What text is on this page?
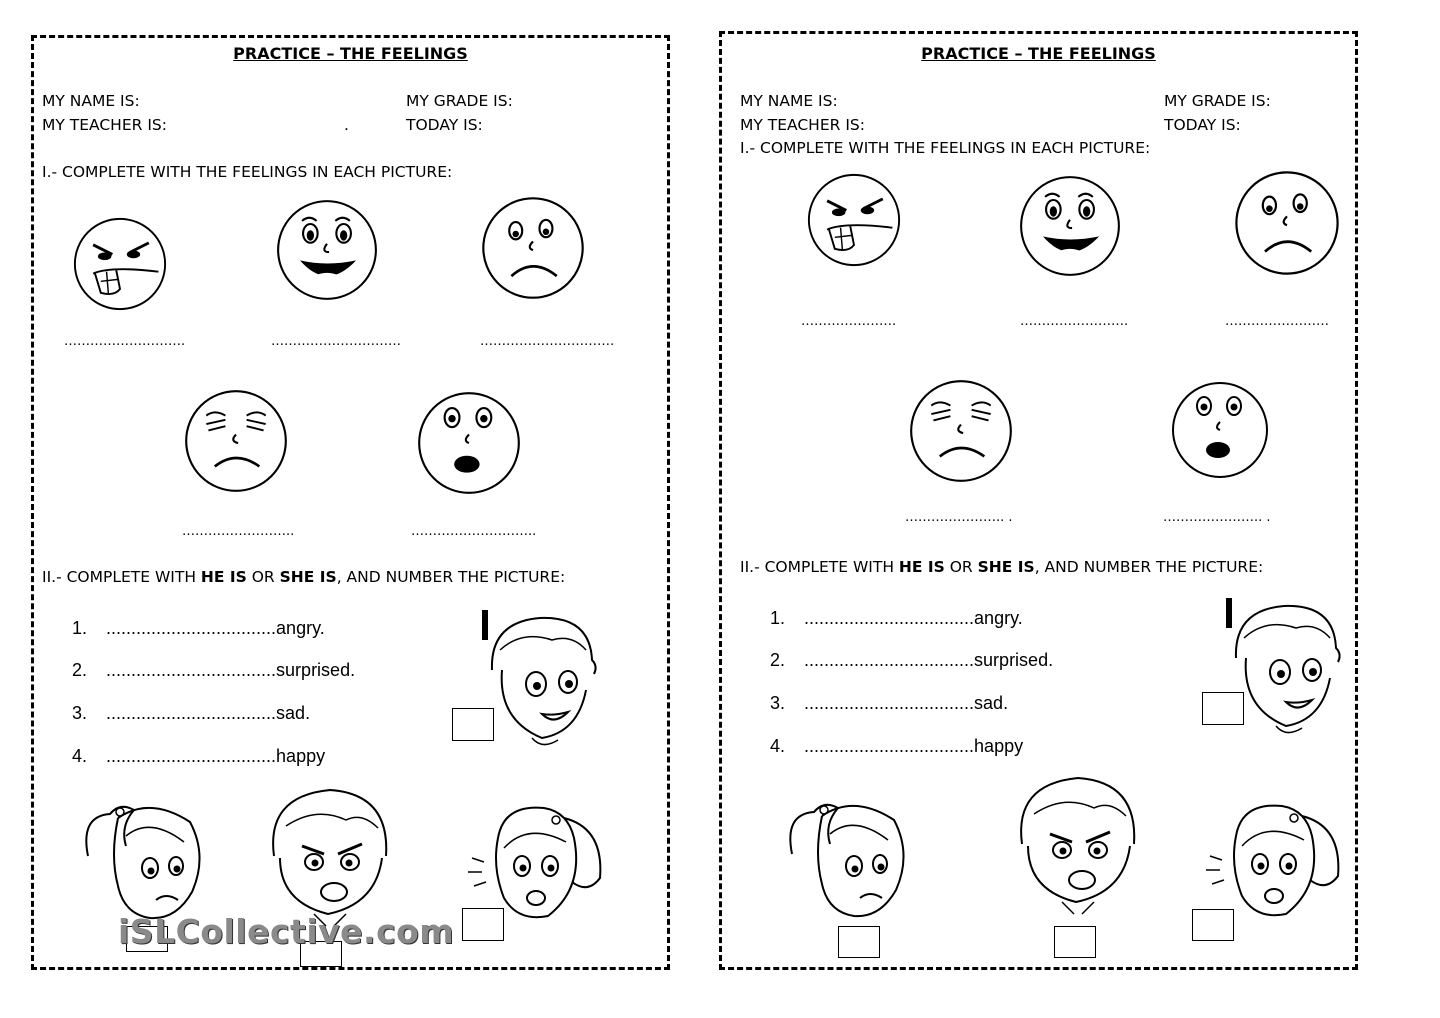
PRACTICE – THE FEELINGS
MY NAME IS:
MY TEACHER IS:	.
MY GRADE IS:
TODAY IS:
I.- COMPLETE WITH THE FEELINGS IN EACH PICTURE:
……………………….	…………………………	………………………….
……………………..	………………………..
II.- COMPLETE WITH HE IS OR SHE IS, AND NUMBER THE PICTURE:
1. ..................................angry.
2. ..................................surprised.
3. ..................................sad.
4. ..................................happy
iSLCollective.com
PRACTICE – THE FEELINGS
MY NAME IS:
MY TEACHER IS:
MY GRADE IS:
TODAY IS:
I.- COMPLETE WITH THE FEELINGS IN EACH PICTURE:
………………….	…………………….	……………………
………………….. .	………………….. .
II.- COMPLETE WITH HE IS OR SHE IS, AND NUMBER THE PICTURE:
1. ..................................angry.
2. ..................................surprised.
3. ..................................sad.
4. ..................................happy
